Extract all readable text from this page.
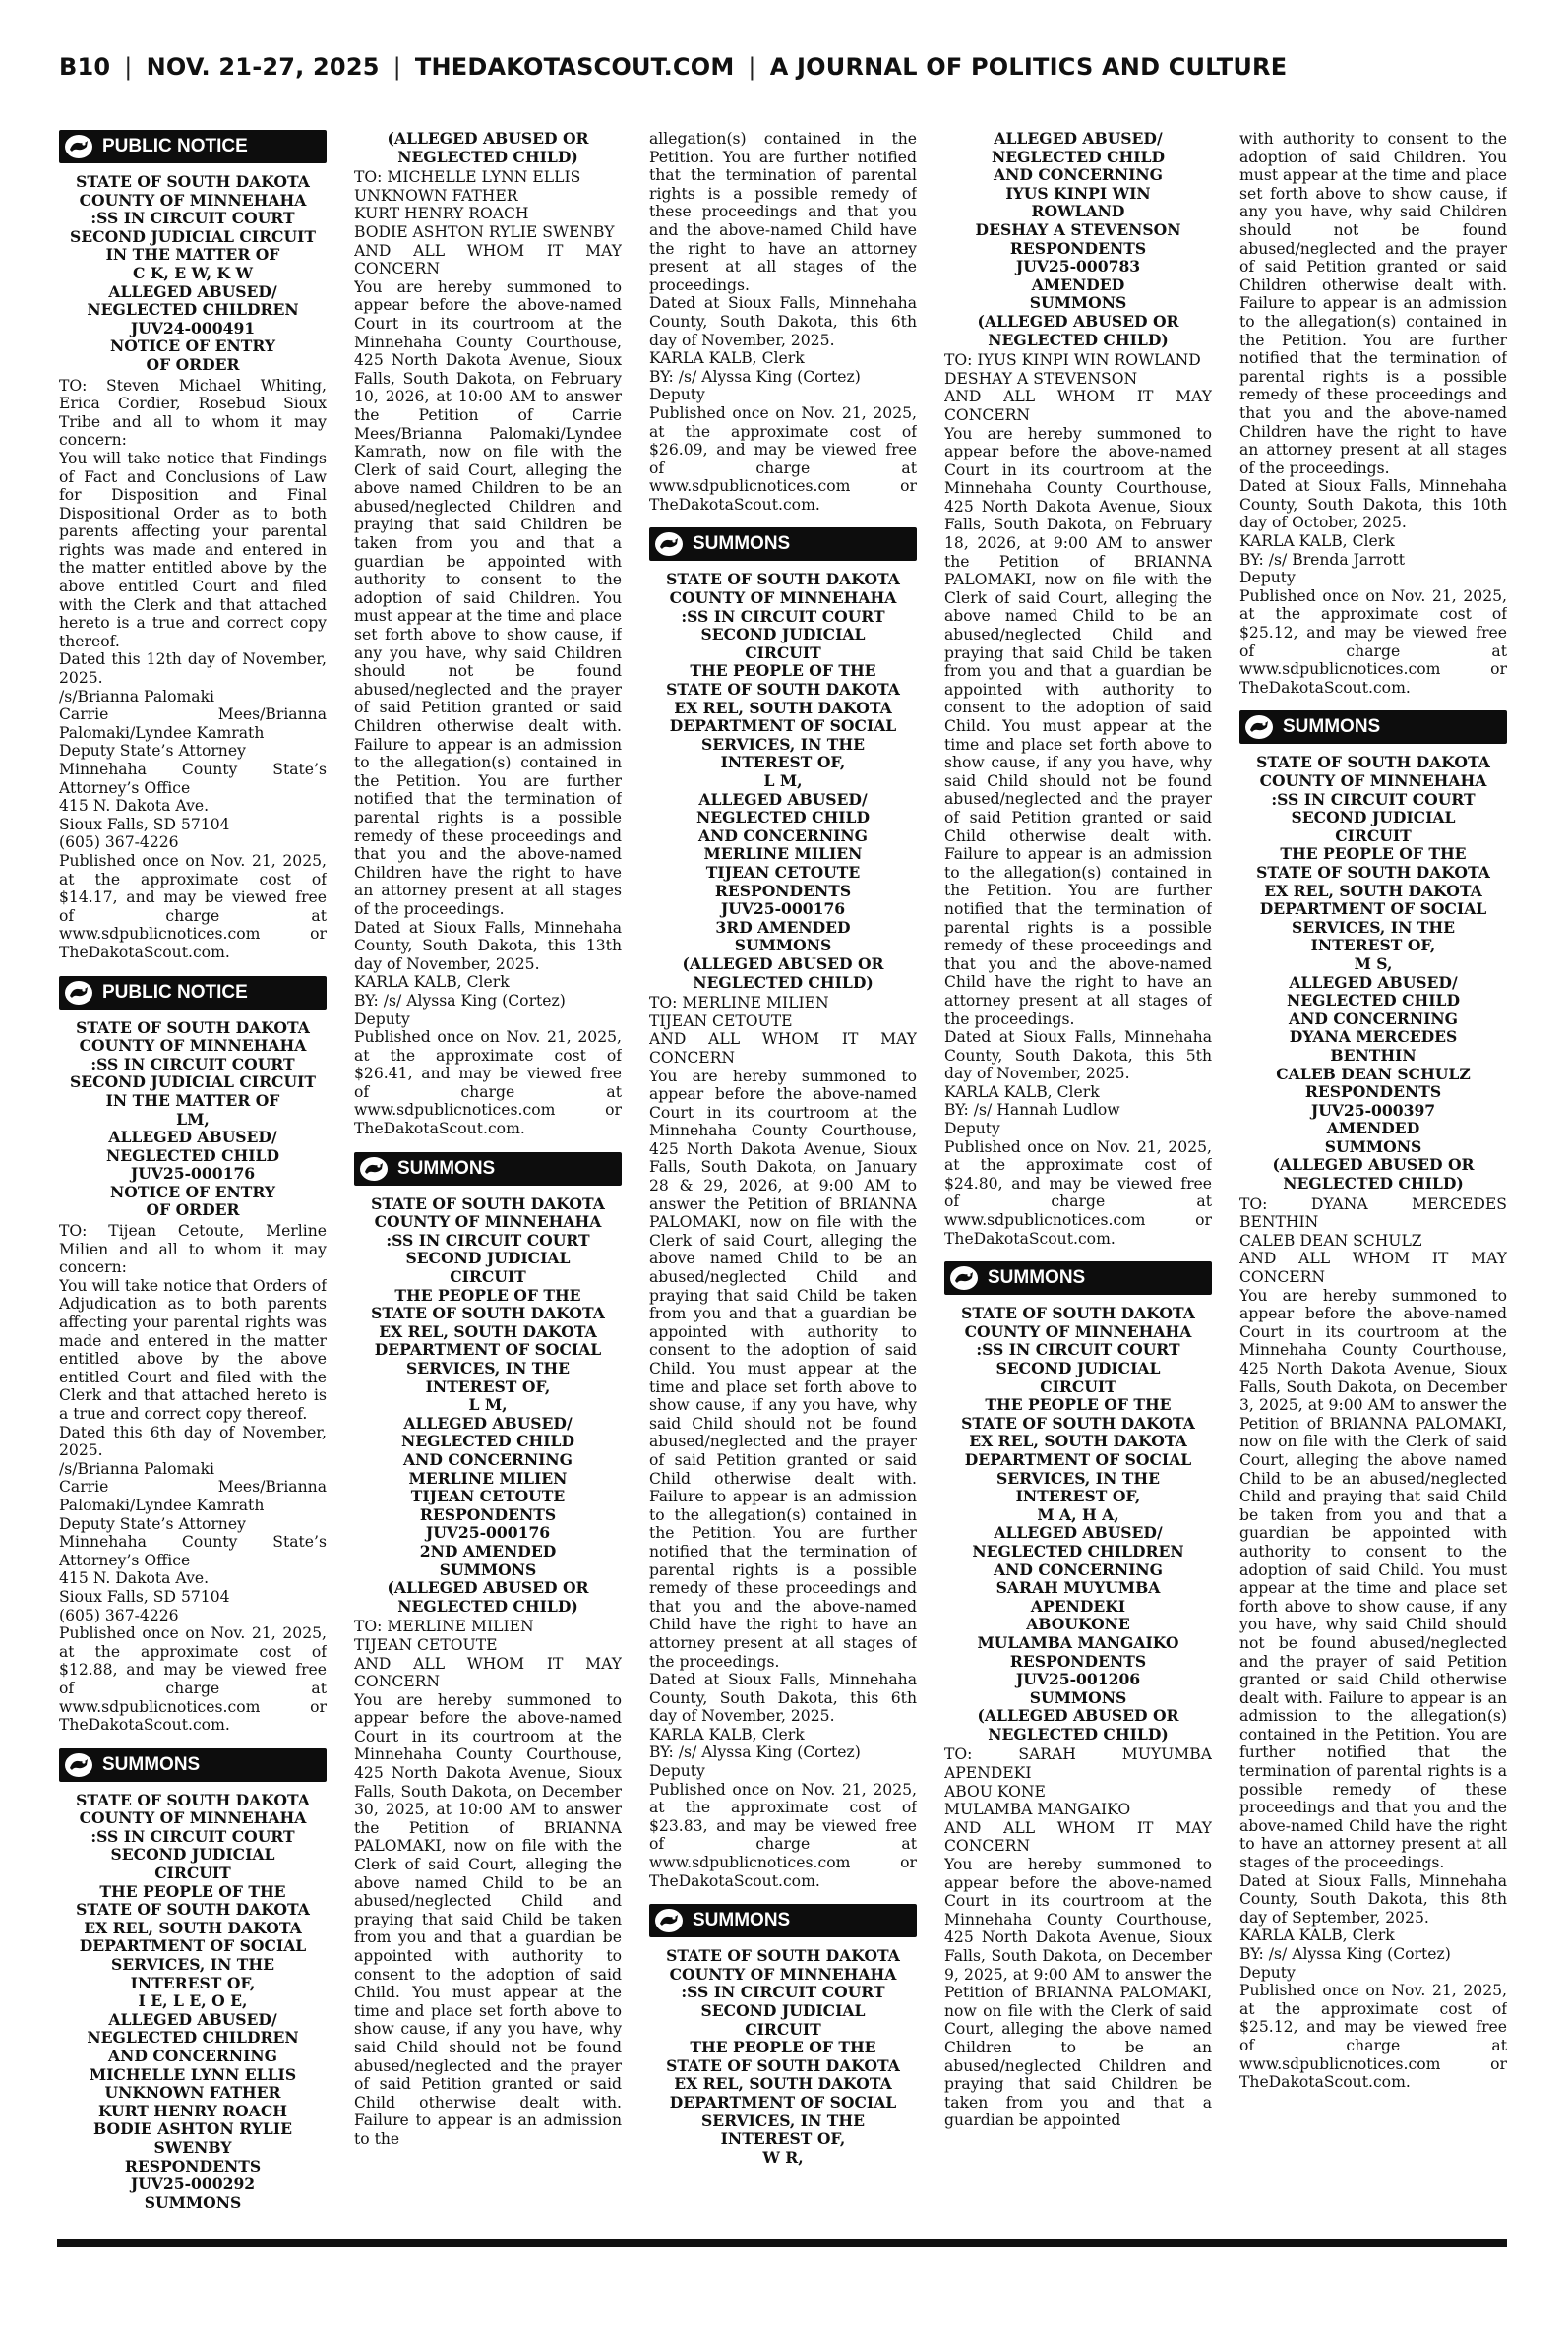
B10 | NOV. 21-27, 2025 | THEDAKOTASCOUT.COM | A JOURNAL OF POLITICS AND CULTURE
PUBLIC NOTICE
STATE OF SOUTH DAKOTA
COUNTY OF MINNEHAHA
:SS IN CIRCUIT COURT
SECOND JUDICIAL CIRCUIT
IN THE MATTER OF
C K, E W, K W
ALLEGED ABUSED/
NEGLECTED CHILDREN
JUV24-000491
NOTICE OF ENTRY
OF ORDER
TO: Steven Michael Whiting, Erica Cordier, Rosebud Sioux Tribe and all to whom it may concern:
You will take notice that Findings of Fact and Conclusions of Law for Disposition and Final Dispositional Order as to both parents affecting your parental rights was made and entered in the matter entitled above by the above entitled Court and filed with the Clerk and that attached hereto is a true and correct copy thereof.
Dated this 12th day of November, 2025.
/s/Brianna Palomaki
Carrie Mees/Brianna Palomaki/Lyndee Kamrath
Deputy State’s Attorney
Minnehaha County State’s Attorney’s Office
415 N. Dakota Ave.
Sioux Falls, SD 57104
(605) 367-4226
Published once on Nov. 21, 2025, at the approximate cost of $14.17, and may be viewed free of charge at www.sdpublicnotices.com or TheDakotaScout.com.
PUBLIC NOTICE
STATE OF SOUTH DAKOTA
COUNTY OF MINNEHAHA
:SS IN CIRCUIT COURT
SECOND JUDICIAL CIRCUIT
IN THE MATTER OF
LM,
ALLEGED ABUSED/
NEGLECTED CHILD
JUV25-000176
NOTICE OF ENTRY
OF ORDER
TO: Tijean Cetoute, Merline Milien and all to whom it may concern:
You will take notice that Orders of Adjudication as to both parents affecting your parental rights was made and entered in the matter entitled above by the above entitled Court and filed with the Clerk and that attached hereto is a true and correct copy thereof.
Dated this 6th day of November, 2025.
/s/Brianna Palomaki
Carrie Mees/Brianna Palomaki/Lyndee Kamrath
Deputy State’s Attorney
Minnehaha County State’s Attorney’s Office
415 N. Dakota Ave.
Sioux Falls, SD 57104
(605) 367-4226
Published once on Nov. 21, 2025, at the approximate cost of $12.88, and may be viewed free of charge at www.sdpublicnotices.com or TheDakotaScout.com.
SUMMONS
STATE OF SOUTH DAKOTA
COUNTY OF MINNEHAHA
:SS IN CIRCUIT COURT
SECOND JUDICIAL
CIRCUIT
THE PEOPLE OF THE
STATE OF SOUTH DAKOTA
EX REL, SOUTH DAKOTA
DEPARTMENT OF SOCIAL
SERVICES, IN THE
INTEREST OF,
I E, L E, O E,
ALLEGED ABUSED/
NEGLECTED CHILDREN
AND CONCERNING
MICHELLE LYNN ELLIS
UNKNOWN FATHER
KURT HENRY ROACH
BODIE ASHTON RYLIE
SWENBY
RESPONDENTS
JUV25-000292
SUMMONS
(ALLEGED ABUSED OR
NEGLECTED CHILD)
TO: MICHELLE LYNN ELLIS
UNKNOWN FATHER
KURT HENRY ROACH
BODIE ASHTON RYLIE SWENBY
AND ALL WHOM IT MAY CONCERN
You are hereby summoned to appear before the above-named Court in its courtroom at the Minnehaha County Courthouse, 425 North Dakota Avenue, Sioux Falls, South Dakota, on February 10, 2026, at 10:00 AM to answer the Petition of Carrie Mees/Brianna Palomaki/Lyndee Kamrath, now on file with the Clerk of said Court, alleging the above named Children to be an abused/neglected Children and praying that said Children be taken from you and that a guardian be appointed with authority to consent to the adoption of said Children. You must appear at the time and place set forth above to show cause, if any you have, why said Children should not be found abused/neglected and the prayer of said Petition granted or said Children otherwise dealt with. Failure to appear is an admission to the allegation(s) contained in the Petition. You are further notified that the termination of parental rights is a possible remedy of these proceedings and that you and the above-named Children have the right to have an attorney present at all stages of the proceedings.
Dated at Sioux Falls, Minnehaha County, South Dakota, this 13th day of November, 2025.
KARLA KALB, Clerk
BY: /s/ Alyssa King (Cortez)
Deputy
Published once on Nov. 21, 2025, at the approximate cost of $26.41, and may be viewed free of charge at www.sdpublicnotices.com or TheDakotaScout.com.
SUMMONS
STATE OF SOUTH DAKOTA
COUNTY OF MINNEHAHA
:SS IN CIRCUIT COURT
SECOND JUDICIAL
CIRCUIT
THE PEOPLE OF THE
STATE OF SOUTH DAKOTA
EX REL, SOUTH DAKOTA
DEPARTMENT OF SOCIAL
SERVICES, IN THE
INTEREST OF,
L M,
ALLEGED ABUSED/
NEGLECTED CHILD
AND CONCERNING
MERLINE MILIEN
TIJEAN CETOUTE
RESPONDENTS
JUV25-000176
2ND AMENDED
SUMMONS
(ALLEGED ABUSED OR
NEGLECTED CHILD)
TO: MERLINE MILIEN
TIJEAN CETOUTE
AND ALL WHOM IT MAY CONCERN
You are hereby summoned to appear before the above-named Court in its courtroom at the Minnehaha County Courthouse, 425 North Dakota Avenue, Sioux Falls, South Dakota, on December 30, 2025, at 10:00 AM to answer the Petition of BRIANNA PALOMAKI, now on file with the Clerk of said Court, alleging the above named Child to be an abused/neglected Child and praying that said Child be taken from you and that a guardian be appointed with authority to consent to the adoption of said Child. You must appear at the time and place set forth above to show cause, if any you have, why said Child should not be found abused/neglected and the prayer of said Petition granted or said Child otherwise dealt with. Failure to appear is an admission to the
allegation(s) contained in the Petition. You are further notified that the termination of parental rights is a possible remedy of these proceedings and that you and the above-named Child have the right to have an attorney present at all stages of the proceedings.
Dated at Sioux Falls, Minnehaha County, South Dakota, this 6th day of November, 2025.
KARLA KALB, Clerk
BY: /s/ Alyssa King (Cortez)
Deputy
Published once on Nov. 21, 2025, at the approximate cost of $26.09, and may be viewed free of charge at www.sdpublicnotices.com or TheDakotaScout.com.
SUMMONS
STATE OF SOUTH DAKOTA
COUNTY OF MINNEHAHA
:SS IN CIRCUIT COURT
SECOND JUDICIAL
CIRCUIT
THE PEOPLE OF THE
STATE OF SOUTH DAKOTA
EX REL, SOUTH DAKOTA
DEPARTMENT OF SOCIAL
SERVICES, IN THE
INTEREST OF,
L M,
ALLEGED ABUSED/
NEGLECTED CHILD
AND CONCERNING
MERLINE MILIEN
TIJEAN CETOUTE
RESPONDENTS
JUV25-000176
3RD AMENDED
SUMMONS
(ALLEGED ABUSED OR
NEGLECTED CHILD)
TO: MERLINE MILIEN
TIJEAN CETOUTE
AND ALL WHOM IT MAY CONCERN
You are hereby summoned to appear before the above-named Court in its courtroom at the Minnehaha County Courthouse, 425 North Dakota Avenue, Sioux Falls, South Dakota, on January 28 & 29, 2026, at 9:00 AM to answer the Petition of BRIANNA PALOMAKI, now on file with the Clerk of said Court, alleging the above named Child to be an abused/neglected Child and praying that said Child be taken from you and that a guardian be appointed with authority to consent to the adoption of said Child. You must appear at the time and place set forth above to show cause, if any you have, why said Child should not be found abused/neglected and the prayer of said Petition granted or said Child otherwise dealt with. Failure to appear is an admission to the allegation(s) contained in the Petition. You are further notified that the termination of parental rights is a possible remedy of these proceedings and that you and the above-named Child have the right to have an attorney present at all stages of the proceedings.
Dated at Sioux Falls, Minnehaha County, South Dakota, this 6th day of November, 2025.
KARLA KALB, Clerk
BY: /s/ Alyssa King (Cortez)
Deputy
Published once on Nov. 21, 2025, at the approximate cost of $23.83, and may be viewed free of charge at www.sdpublicnotices.com or TheDakotaScout.com.
SUMMONS
STATE OF SOUTH DAKOTA
COUNTY OF MINNEHAHA
:SS IN CIRCUIT COURT
SECOND JUDICIAL
CIRCUIT
THE PEOPLE OF THE
STATE OF SOUTH DAKOTA
EX REL, SOUTH DAKOTA
DEPARTMENT OF SOCIAL
SERVICES, IN THE
INTEREST OF,
W R,
ALLEGED ABUSED/
NEGLECTED CHILD
AND CONCERNING
IYUS KINPI WIN
ROWLAND
DESHAY A STEVENSON
RESPONDENTS
JUV25-000783
AMENDED
SUMMONS
(ALLEGED ABUSED OR
NEGLECTED CHILD)
TO: IYUS KINPI WIN ROWLAND
DESHAY A STEVENSON
AND ALL WHOM IT MAY CONCERN
You are hereby summoned to appear before the above-named Court in its courtroom at the Minnehaha County Courthouse, 425 North Dakota Avenue, Sioux Falls, South Dakota, on February 18, 2026, at 9:00 AM to answer the Petition of BRIANNA PALOMAKI, now on file with the Clerk of said Court, alleging the above named Child to be an abused/neglected Child and praying that said Child be taken from you and that a guardian be appointed with authority to consent to the adoption of said Child. You must appear at the time and place set forth above to show cause, if any you have, why said Child should not be found abused/neglected and the prayer of said Petition granted or said Child otherwise dealt with. Failure to appear is an admission to the allegation(s) contained in the Petition. You are further notified that the termination of parental rights is a possible remedy of these proceedings and that you and the above-named Child have the right to have an attorney present at all stages of the proceedings.
Dated at Sioux Falls, Minnehaha County, South Dakota, this 5th day of November, 2025.
KARLA KALB, Clerk
BY: /s/ Hannah Ludlow
Deputy
Published once on Nov. 21, 2025, at the approximate cost of $24.80, and may be viewed free of charge at www.sdpublicnotices.com or TheDakotaScout.com.
SUMMONS
STATE OF SOUTH DAKOTA
COUNTY OF MINNEHAHA
:SS IN CIRCUIT COURT
SECOND JUDICIAL
CIRCUIT
THE PEOPLE OF THE
STATE OF SOUTH DAKOTA
EX REL, SOUTH DAKOTA
DEPARTMENT OF SOCIAL
SERVICES, IN THE
INTEREST OF,
M A, H A,
ALLEGED ABUSED/
NEGLECTED CHILDREN
AND CONCERNING
SARAH MUYUMBA
APENDEKI
ABOUKONE
MULAMBA MANGAIKO
RESPONDENTS
JUV25-001206
SUMMONS
(ALLEGED ABUSED OR
NEGLECTED CHILD)
TO: SARAH MUYUMBA APENDEKI
ABOU KONE
MULAMBA MANGAIKO
AND ALL WHOM IT MAY CONCERN
You are hereby summoned to appear before the above-named Court in its courtroom at the Minnehaha County Courthouse, 425 North Dakota Avenue, Sioux Falls, South Dakota, on December 9, 2025, at 9:00 AM to answer the Petition of BRIANNA PALOMAKI, now on file with the Clerk of said Court, alleging the above named Children to be an abused/neglected Children and praying that said Children be taken from you and that a guardian be appointed
with authority to consent to the adoption of said Children. You must appear at the time and place set forth above to show cause, if any you have, why said Children should not be found abused/neglected and the prayer of said Petition granted or said Children otherwise dealt with. Failure to appear is an admission to the allegation(s) contained in the Petition. You are further notified that the termination of parental rights is a possible remedy of these proceedings and that you and the above-named Children have the right to have an attorney present at all stages of the proceedings.
Dated at Sioux Falls, Minnehaha County, South Dakota, this 10th day of October, 2025.
KARLA KALB, Clerk
BY: /s/ Brenda Jarrott
Deputy
Published once on Nov. 21, 2025, at the approximate cost of $25.12, and may be viewed free of charge at www.sdpublicnotices.com or TheDakotaScout.com.
SUMMONS
STATE OF SOUTH DAKOTA
COUNTY OF MINNEHAHA
:SS IN CIRCUIT COURT
SECOND JUDICIAL
CIRCUIT
THE PEOPLE OF THE
STATE OF SOUTH DAKOTA
EX REL, SOUTH DAKOTA
DEPARTMENT OF SOCIAL
SERVICES, IN THE
INTEREST OF,
M S,
ALLEGED ABUSED/
NEGLECTED CHILD
AND CONCERNING
DYANA MERCEDES
BENTHIN
CALEB DEAN SCHULZ
RESPONDENTS
JUV25-000397
AMENDED
SUMMONS
(ALLEGED ABUSED OR
NEGLECTED CHILD)
TO: DYANA MERCEDES BENTHIN
CALEB DEAN SCHULZ
AND ALL WHOM IT MAY CONCERN
You are hereby summoned to appear before the above-named Court in its courtroom at the Minnehaha County Courthouse, 425 North Dakota Avenue, Sioux Falls, South Dakota, on December 3, 2025, at 9:00 AM to answer the Petition of BRIANNA PALOMAKI, now on file with the Clerk of said Court, alleging the above named Child to be an abused/neglected Child and praying that said Child be taken from you and that a guardian be appointed with authority to consent to the adoption of said Child. You must appear at the time and place set forth above to show cause, if any you have, why said Child should not be found abused/neglected and the prayer of said Petition granted or said Child otherwise dealt with. Failure to appear is an admission to the allegation(s) contained in the Petition. You are further notified that the termination of parental rights is a possible remedy of these proceedings and that you and the above-named Child have the right to have an attorney present at all stages of the proceedings.
Dated at Sioux Falls, Minnehaha County, South Dakota, this 8th day of September, 2025.
KARLA KALB, Clerk
BY: /s/ Alyssa King (Cortez)
Deputy
Published once on Nov. 21, 2025, at the approximate cost of $25.12, and may be viewed free of charge at www.sdpublicnotices.com or TheDakotaScout.com.
